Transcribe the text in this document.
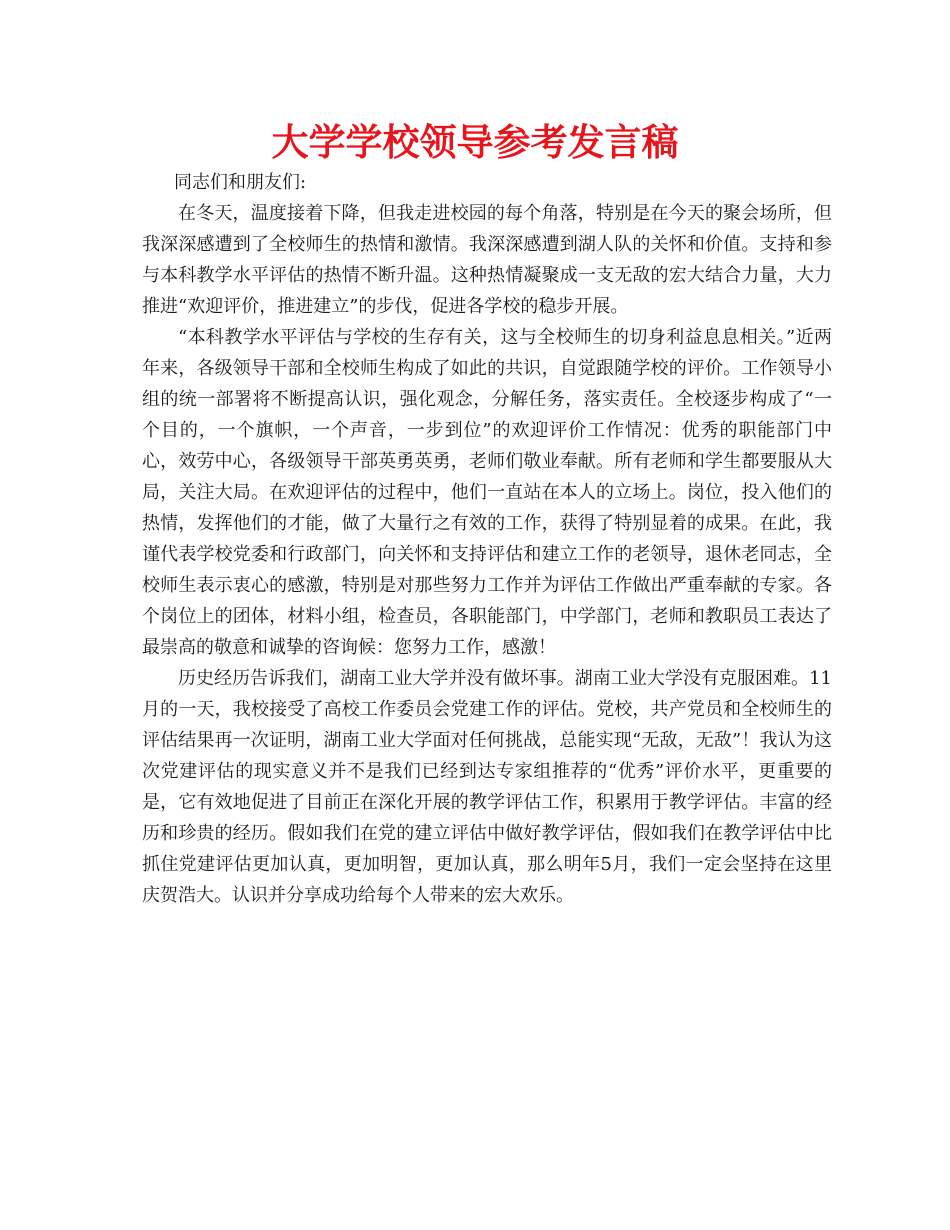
大学学校领导参考发言稿

同志们和朋友们:

在冬天，温度接着下降，但我走进校园的每个角落，特别是在今天的聚会场所，但我深深感遭到了全校师生的热情和激情。我深深感遭到湖人队的关怀和价值。支持和参与本科教学水平评估的热情不断升温。这种热情凝聚成一支无敌的宏大结合力量，大力推进“欢迎评价，推进建立”的步伐，促进各学校的稳步开展。

“本科教学水平评估与学校的生存有关，这与全校师生的切身利益息息相关。”近两年来，各级领导干部和全校师生构成了如此的共识，自觉跟随学校的评价。工作领导小组的统一部署将不断提高认识，强化观念，分解任务，落实责任。全校逐步构成了“一个目的，一个旗帜，一个声音，一步到位”的欢迎评价工作情况：优秀的职能部门中心，效劳中心，各级领导干部英勇英勇，老师们敬业奉献。所有老师和学生都要服从大局，关注大局。在欢迎评估的过程中，他们一直站在本人的立场上。岗位，投入他们的热情，发挥他们的才能，做了大量行之有效的工作，获得了特别显着的成果。在此，我谨代表学校党委和行政部门，向关怀和支持评估和建立工作的老领导，退休老同志，全校师生表示衷心的感激，特别是对那些努力工作并为评估工作做出严重奉献的专家。各个岗位上的团体，材料小组，检查员，各职能部门，中学部门，老师和教职员工表达了最崇高的敬意和诚挚的咨询候：您努力工作，感激！

历史经历告诉我们，湖南工业大学并没有做坏事。湖南工业大学没有克服困难。11月的一天，我校接受了高校工作委员会党建工作的评估。党校，共产党员和全校师生的评估结果再一次证明，湖南工业大学面对任何挑战，总能实现“无敌，无敌”！我认为这次党建评估的现实意义并不是我们已经到达专家组推荐的“优秀”评价水平，更重要的是，它有效地促进了目前正在深化开展的教学评估工作，积累用于教学评估。丰富的经历和珍贵的经历。假如我们在党的建立评估中做好教学评估，假如我们在教学评估中比抓住党建评估更加认真，更加明智，更加认真，那么明年5月，我们一定会坚持在这里庆贺浩大。认识并分享成功给每个人带来的宏大欢乐。
